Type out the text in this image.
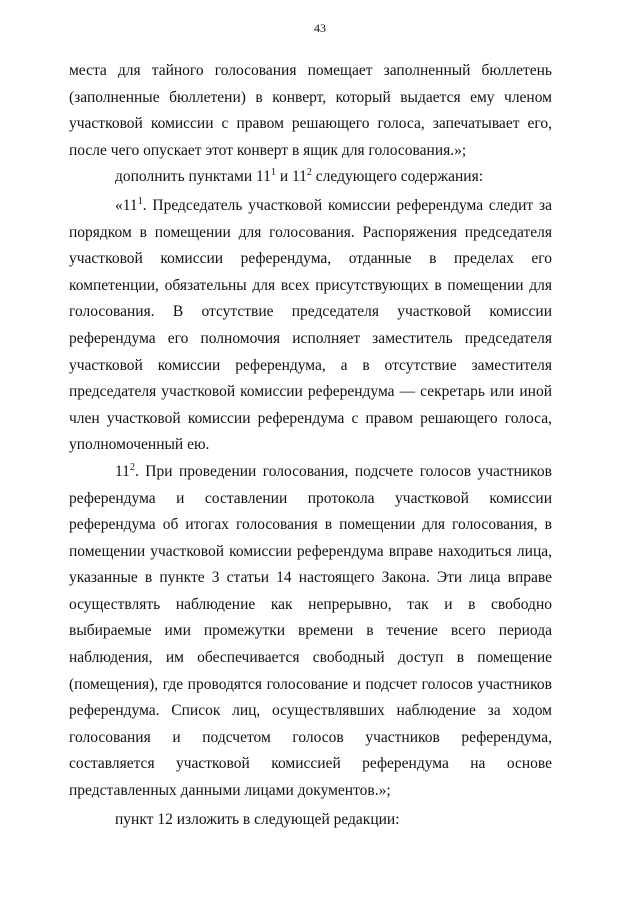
43

места для тайного голосования помещает заполненный бюллетень (заполненные бюллетени) в конверт, который выдается ему членом участковой комиссии с правом решающего голоса, запечатывает его, после чего опускает этот конверт в ящик для голосования.»;

дополнить пунктами $11^1$ и $11^2$ следующего содержания:

«$11^1$. Председатель участковой комиссии референдума следит за порядком в помещении для голосования. Распоряжения председателя участковой комиссии референдума, отданные в пределах его компетенции, обязательны для всех присутствующих в помещении для голосования. В отсутствие председателя участковой комиссии референдума его полномочия исполняет заместитель председателя участковой комиссии референдума, а в отсутствие заместителя председателя участковой комиссии референдума — секретарь или иной член участковой комиссии референдума с правом решающего голоса, уполномоченный ею.

$11^2$. При проведении голосования, подсчете голосов участников референдума и составлении протокола участковой комиссии референдума об итогах голосования в помещении для голосования, в помещении участковой комиссии референдума вправе находиться лица, указанные в пункте 3 статьи 14 настоящего Закона. Эти лица вправе осуществлять наблюдение как непрерывно, так и в свободно выбираемые ими промежутки времени в течение всего периода наблюдения, им обеспечивается свободный доступ в помещение (помещения), где проводятся голосование и подсчет голосов участников референдума. Список лиц, осуществлявших наблюдение за ходом голосования и подсчетом голосов участников референдума, составляется участковой комиссией референдума на основе представленных данными лицами документов.»;

пункт 12 изложить в следующей редакции:
